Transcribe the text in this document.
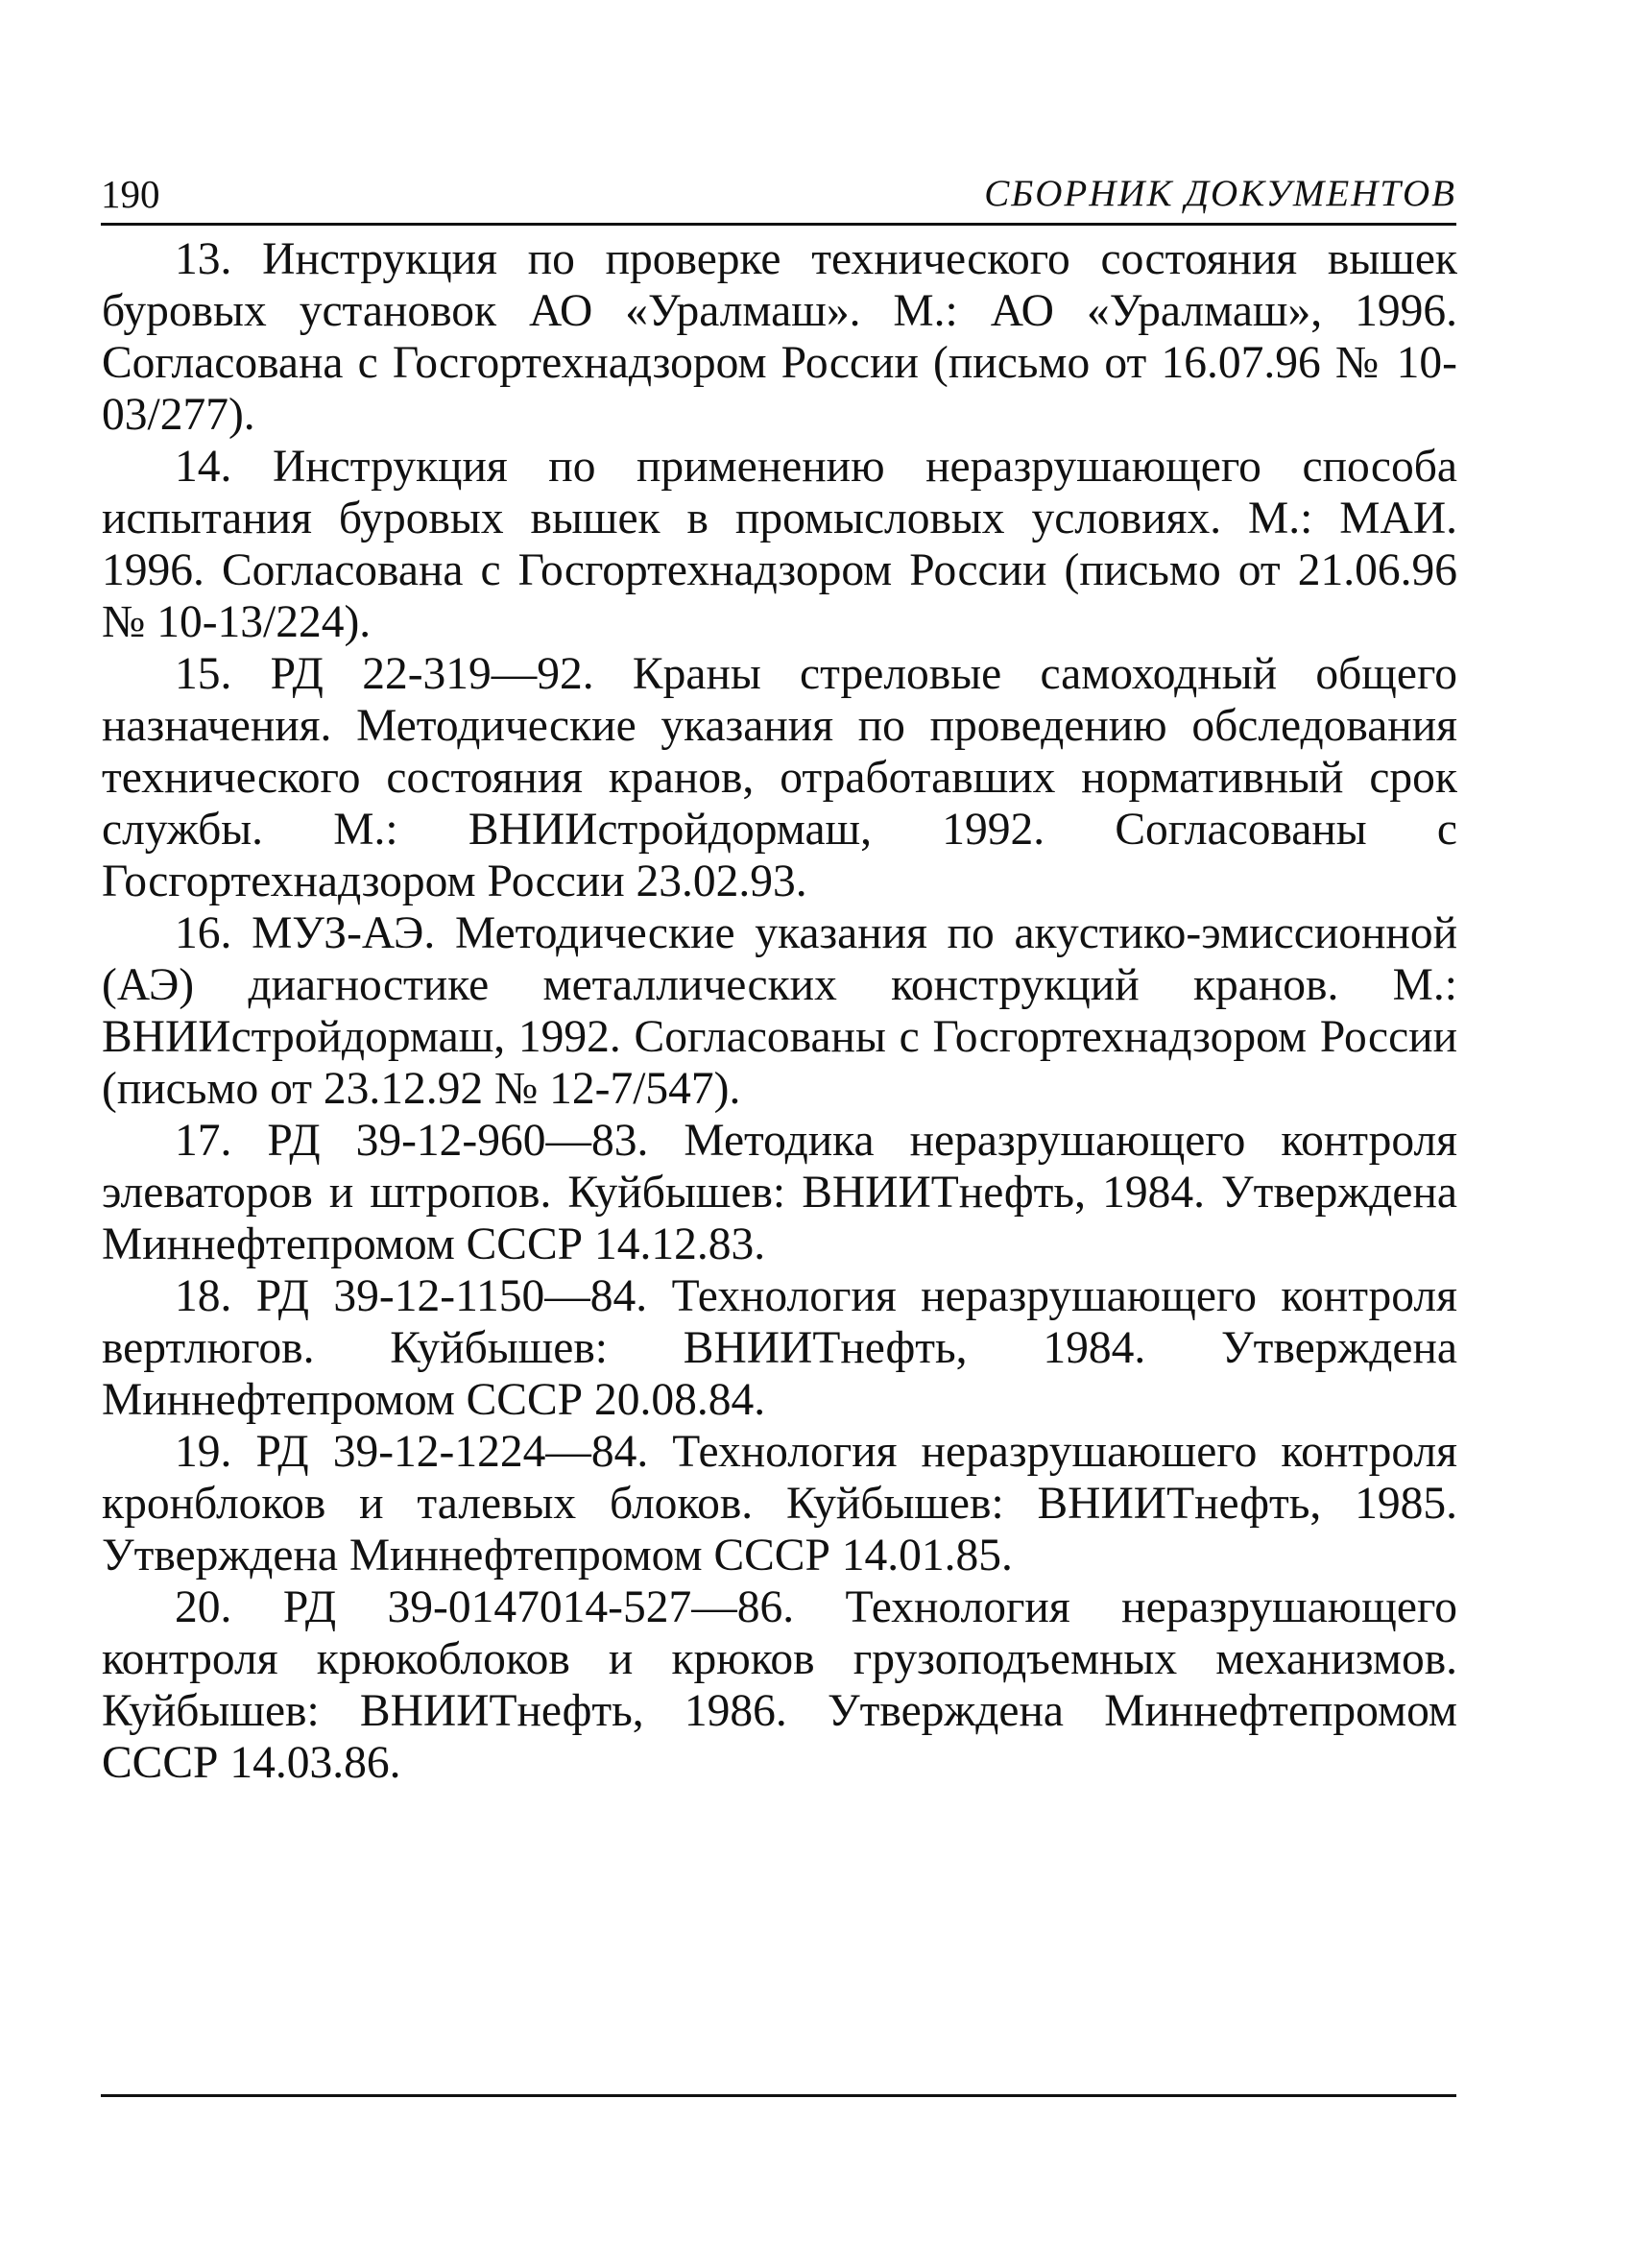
190	СБОРНИК ДОКУМЕНТОВ

13. Инструкция по проверке технического состояния вышек буровых установок АО «Уралмаш». М.: АО «Уралмаш», 1996. Согласована с Госгортехнадзором России (письмо от 16.07.96 № 10-03/277).

14. Инструкция по применению неразрушающего способа испытания буровых вышек в промысловых условиях. М.: МАИ. 1996. Согласована с Госгортехнадзором России (письмо от 21.06.96 № 10-13/224).

15. РД 22-319—92. Краны стреловые самоходный общего назначения. Методические указания по проведению обследования технического состояния кранов, отработавших нормативный срок службы. М.: ВНИИстройдормаш, 1992. Согласованы с Госгортехнадзором России 23.02.93.

16. МУЗ-АЭ. Методические указания по акустико-эмиссионной (АЭ) диагностике металлических конструкций кранов. М.: ВНИИстройдормаш, 1992. Согласованы с Госгортехнадзором России (письмо от 23.12.92 № 12-7/547).

17. РД 39-12-960—83. Методика неразрушающего контроля элеваторов и штропов. Куйбышев: ВНИИТнефть, 1984. Утверждена Миннефтепромом СССР 14.12.83.

18. РД 39-12-1150—84. Технология неразрушающего контроля вертлюгов. Куйбышев: ВНИИТнефть, 1984. Утверждена Миннефтепромом СССР 20.08.84.

19. РД 39-12-1224—84. Технология неразрушаюшего контроля кронблоков и талевых блоков. Куйбышев: ВНИИТнефть, 1985. Утверждена Миннефтепромом СССР 14.01.85.

20. РД 39-0147014-527—86. Технология неразрушающего контроля крюкоблоков и крюков грузоподъемных механизмов. Куйбышев: ВНИИТнефть, 1986. Утверждена Миннефтепромом СССР 14.03.86.
